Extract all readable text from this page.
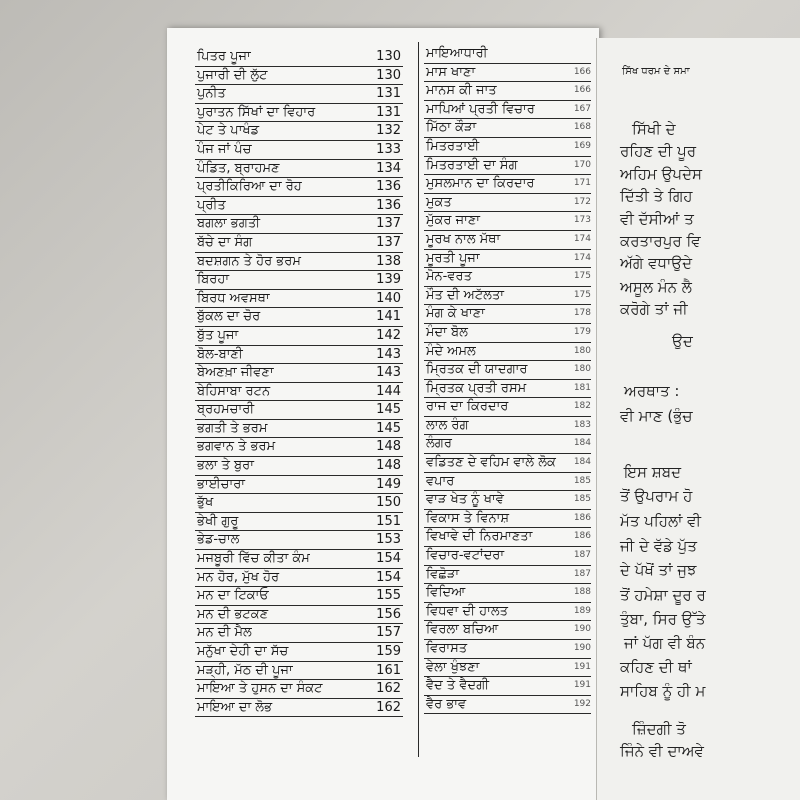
ਪਿਤਰ ਪੂਜਾ	130
ਪੁਜਾਰੀ ਦੀ ਲੁੱਟ	130
ਪੁਨੀਤ	131
ਪੁਰਾਤਨ ਸਿੱਖਾਂ ਦਾ ਵਿਹਾਰ	131
ਪੇਟ ਤੇ ਪਾਖੰਡ	132
ਪੰਜ ਜਾਂ ਪੰਚ	133
ਪੰਡਿਤ, ਬ੍ਰਾਹਮਣ	134
ਪ੍ਰਤੀਕਿਰਿਆ ਦਾ ਰੋਹ	136
ਪ੍ਰੀਤ	136
ਬਗਲਾ ਭਗਤੀ	137
ਬੱਚੇ ਦਾ ਸੰਗ	137
ਬਦਸ਼ਗਨ ਤੇ ਹੋਰ ਭਰਮ	138
ਬਿਰਹਾ	139
ਬਿਰਧ ਅਵਸਥਾ	140
ਬੁੱਕਲ ਦਾ ਚੋਰ	141
ਬੁੱਤ ਪੂਜਾ	142
ਬੋਲ-ਬਾਣੀ	143
ਬੇਅਣਖ਼ਾ ਜੀਵਣਾ	143
ਬੇਹਿਸਾਬਾ ਰਟਨ	144
ਬ੍ਰਹਮਚਾਰੀ	145
ਭਗਤੀ ਤੇ ਭਰਮ	145
ਭਗਵਾਨ ਤੇ ਭਰਮ	148
ਭਲਾ ਤੇ ਬੁਰਾ	148
ਭਾਈਚਾਰਾ	149
ਭੁੱਖ	150
ਭੇਖੀ ਗੁਰੂ	151
ਭੇਡ-ਚਾਲ	153
ਮਜਬੂਰੀ ਵਿੱਚ ਕੀਤਾ ਕੰਮ	154
ਮਨ ਹੋਰ, ਮੁੱਖ ਹੋਰ	154
ਮਨ ਦਾ ਟਿਕਾਓ	155
ਮਨ ਦੀ ਭਟਕਣ	156
ਮਨ ਦੀ ਮੈਲ	157
ਮਨੁੱਖਾ ਦੇਹੀ ਦਾ ਸੱਚ	159
ਮੜ੍ਹੀ, ਮੱਠ ਦੀ ਪੂਜਾ	161
ਮਾਇਆ ਤੇ ਹੁਸਨ ਦਾ ਸੰਕਟ	162
ਮਾਇਆ ਦਾ ਲੋਭ	162
ਮਾਇਆਧਾਰੀ
ਮਾਸ ਖਾਣਾ	166
ਮਾਨਸ ਕੀ ਜਾਤ	166
ਮਾਪਿਆਂ ਪ੍ਰਤੀ ਵਿਚਾਰ	167
ਮਿੱਠਾ ਕੌੜਾ	168
ਮਿਤਰਤਾਈ	169
ਮਿਤਰਤਾਈ ਦਾ ਸੰਗ	170
ਮੁਸਲਮਾਨ ਦਾ ਕਿਰਦਾਰ	171
ਮੁਕਤ	172
ਮੁੱਕਰ ਜਾਣਾ	173
ਮੂਰਖ ਨਾਲ ਮੱਥਾ	174
ਮੂਰਤੀ ਪੂਜਾ	174
ਮੋਨ-ਵਰਤ	175
ਮੌਤ ਦੀ ਅਟੱਲਤਾ	175
ਮੰਗ ਕੇ ਖਾਣਾ	178
ਮੰਦਾ ਬੋਲ	179
ਮੰਦੇ ਅਮਲ	180
ਮ੍ਰਿਤਕ ਦੀ ਯਾਦਗਾਰ	180
ਮ੍ਰਿਤਕ ਪ੍ਰਤੀ ਰਸਮ	181
ਰਾਜ ਦਾ ਕਿਰਦਾਰ	182
ਲਾਲ ਰੰਗ	183
ਲੰਗਰ	184
ਵਡਿਤਣ ਦੇ ਵਹਿਮ ਵਾਲੇ ਲੋਕ 184
ਵਪਾਰ	185
ਵਾੜ ਖੇਤ ਨੂੰ ਖਾਵੇ	185
ਵਿਕਾਸ ਤੇ ਵਿਨਾਸ਼	186
ਵਿਖਾਵੇ ਦੀ ਨਿਰਮਾਣਤਾ	186
ਵਿਚਾਰ-ਵਟਾਂਦਰਾ	187
ਵਿਛੋੜਾ	187
ਵਿਦਿਆ	188
ਵਿਧਵਾ ਦੀ ਹਾਲਤ	189
ਵਿਰਲਾ ਬਚਿਆ	190
ਵਿਰਾਸਤ	190
ਵੇਲਾ ਖੁੰਝਣਾ	191
ਵੈਦ ਤੇ ਵੈਦਗੀ	191
ਵੈਰ ਭਾਵ	192
ਸਿੱਖ ਧਰਮ ਦੇ ਸਮਾ
ਸਿੱਖੀ ਦੇ
ਰਹਿਣ ਦੀ ਪੂਰ
ਅਹਿਮ ਉਪਦੇਸ
ਦਿੱਤੀ ਤੇ ਗਿਹ
ਵੀ ਦੱਸੀਆਂ ਤ
ਕਰਤਾਰਪੁਰ ਵਿ
ਅੱਗੇ ਵਧਾਉਦੇ
ਅਸੂਲ ਮੰਨ ਲੈ
ਕਰੋਗੇ ਤਾਂ ਜੀ
ਉਦ
ਅਰਥਾਤ :
ਵੀ ਮਾਣ (ਭੁੰਚ
ਇਸ ਸ਼ਬਦ
ਤੋਂ ਉਪਰਾਮ ਹੋ
ਮੱਤ ਪਹਿਲਾਂ ਵੀ
ਜੀ ਦੇ ਵੱਡੇ ਪੁੱਤ
ਦੇ ਪੱਖੋਂ ਤਾਂ ਜੁਝ
ਤੋਂ ਹਮੇਸ਼ਾ ਦੂਰ ਰ
ਤੁੰਬਾ, ਸਿਰ ਉੱਤੇ
ਜਾਂ ਪੱਗ ਵੀ ਬੰਨ
ਕਹਿਣ ਦੀ ਥਾਂ
ਸਾਹਿਬ ਨੂੰ ਹੀ ਮ
ਜ਼ਿੰਦਗੀ ਤੋ
ਜਿੰਨੇ ਵੀ ਦਾਅਵੇ
